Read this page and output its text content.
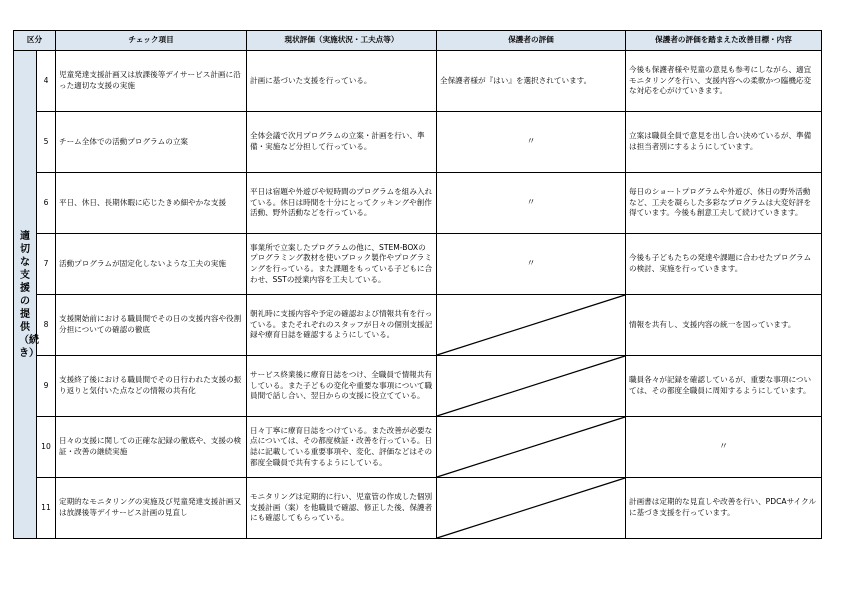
区分		チェック項目	現状評価（実施状況・工夫点等）	保護者の評価	保護者の評価を踏まえた改善目標・内容
適切な支援の提供（続き）	4	児童発達支援計画又は放課後等デイサービス計画に沿った適切な支援の実施	計画に基づいた支援を行っている。	全保護者様が『はい』を選択されています。	今後も保護者様や児童の意見も参考にしながら、適宜モニタリングを行い、支援内容への柔軟かつ臨機応変な対応を心がけていきます。
	5	チーム全体での活動プログラムの立案	全体会議で次月プログラムの立案・計画を行い、準備・実施など分担して行っている。	〃	立案は職員全員で意見を出し合い決めているが、準備は担当者別にするようにしています。
	6	平日、休日、長期休暇に応じたきめ細やかな支援	平日は宿題や外遊びや短時間のプログラムを組み入れている。休日は時間を十分にとってクッキングや創作活動、野外活動などを行っている。	〃	毎日のショートプログラムや外遊び、休日の野外活動など、工夫を凝らした多彩なプログラムは大変好評を得ています。今後も創意工夫して続けていきます。
	7	活動プログラムが固定化しないような工夫の実施	事業所で立案したプログラムの他に、STEM-BOXのプログラミング教材を使いブロック製作やプログラミングを行っている。また課題をもっている子どもに合わせ、SSTの授業内容を工夫している。	〃	今後も子どもたちの発達や課題に合わせたプログラムの検討、実施を行っていきます。
	8	支援開始前における職員間でその日の支援内容や役割分担についての確認の徹底	朝礼時に支援内容や予定の確認および情報共有を行っている。またそれぞれのスタッフが日々の個別支援記録や療育日誌を確認するようにしている。		情報を共有し、支援内容の統一を図っています。
	9	支援終了後における職員間でその日行われた支援の振り返りと気付いた点などの情報の共有化	サービス終業後に療育日誌をつけ、全職員で情報共有している。また子どもの変化や重要な事項について職員間で話し合い、翌日からの支援に役立てている。		職員各々が記録を確認しているが、重要な事項については、その都度全職員に周知するようにしています。
	10	日々の支援に関しての正確な記録の徹底や、支援の検証・改善の継続実施	日々丁寧に療育日誌をつけている。また改善が必要な点については、その都度検証・改善を行っている。日誌に記載している重要事項や、変化、評価などはその都度全職員で共有するようにしている。		〃
	11	定期的なモニタリングの実施及び児童発達支援計画又は放課後等デイサービス計画の見直し	モニタリングは定期的に行い、児童管の作成した個別支援計画（案）を他職員で確認、修正した後、保護者にも確認してもらっている。		計画書は定期的な見直しや改善を行い、PDCAサイクルに基づき支援を行っています。
